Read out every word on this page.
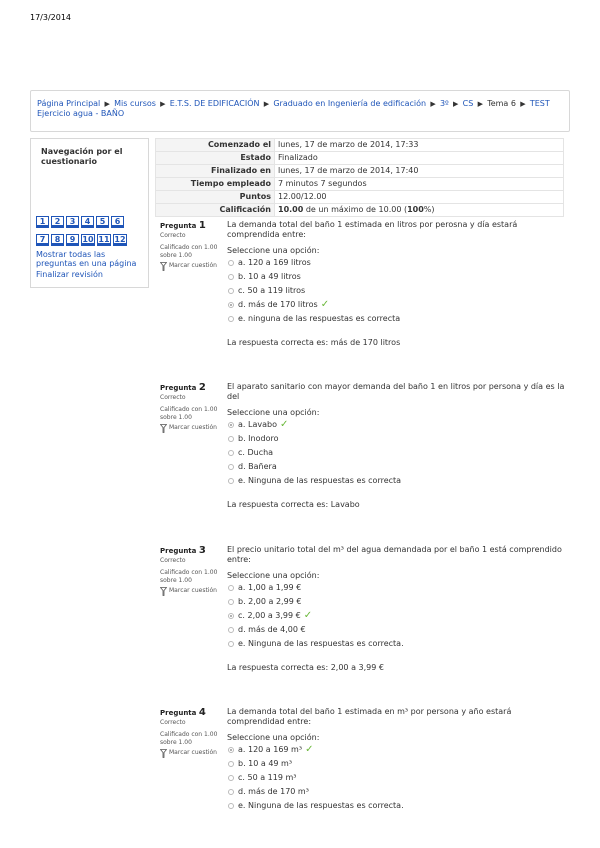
17/3/2014
Página Principal ▶ Mis cursos ▶ E.T.S. DE EDIFICACIÓN ▶ Graduado en Ingeniería de edificación ▶ 3º ▶ CS ▶ Tema 6 ▶ TEST Ejercicio agua - BAÑO
Navegación por el cuestionario
1	2	3	4	5	6
7	8	9 10 11 12
Mostrar todas las preguntas en una página
Finalizar revisión
Comenzado el	lunes, 17 de marzo de 2014, 17:33
Estado	Finalizado
Finalizado en	lunes, 17 de marzo de 2014, 17:40
Tiempo empleado	7 minutos 7 segundos
Puntos	12.00/12.00
Calificación	10.00 de un máximo de 10.00 (100%)
Pregunta 1
Correcto
Calificado con 1.00 sobre 1.00
Marcar cuestión
La demanda total del baño 1 estimada en litros por perosna y día estará comprendida entre:
Seleccione una opción:
a. 120 a 169 litros
b. 10 a 49 litros
c. 50 a 119 litros
d. más de 170 litros ✓
e. ninguna de las respuestas es correcta
La respuesta correcta es: más de 170 litros
Pregunta 2
Correcto
Calificado con 1.00 sobre 1.00
Marcar cuestión
El aparato sanitario con mayor demanda del baño 1 en litros por persona y día es la del
Seleccione una opción:
a. Lavabo ✓
b. Inodoro
c. Ducha
d. Bañera
e. Ninguna de las respuestas es correcta
La respuesta correcta es: Lavabo
Pregunta 3
Correcto
Calificado con 1.00 sobre 1.00
Marcar cuestión
El precio unitario total del m³ del agua demandada por el baño 1 está comprendido entre:
Seleccione una opción:
a. 1,00 a 1,99 €
b. 2,00 a 2,99 €
c. 2,00 a 3,99 € ✓
d. más de 4,00 €
e. Ninguna de las respuestas es correcta.
La respuesta correcta es: 2,00 a 3,99 €
Pregunta 4
Correcto
Calificado con 1.00 sobre 1.00
Marcar cuestión
La demanda total del baño 1 estimada en m³ por persona y año estará comprendidad entre:
Seleccione una opción:
a. 120 a 169 m³ ✓
b. 10 a 49 m³
c. 50 a 119 m³
d. más de 170 m³
e. Ninguna de las respuestas es correcta.
